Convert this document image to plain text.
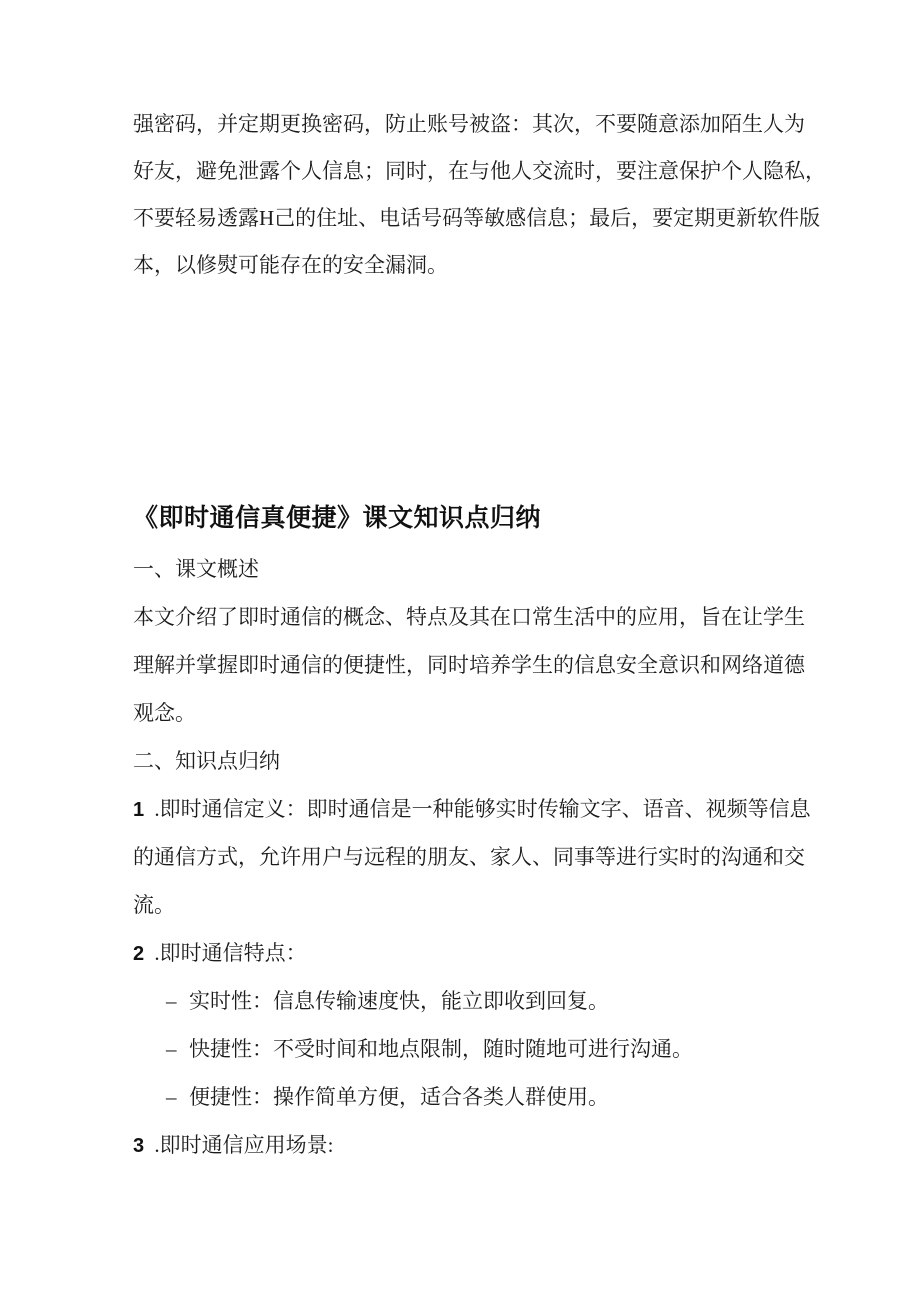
强密码，并定期更换密码，防止账号被盗：其次，不要随意添加陌生人为
好友，避免泄露个人信息；同时，在与他人交流时，要注意保护个人隐私，
不要轻易透露H己的住址、电话号码等敏感信息；最后，要定期更新软件版
本，以修熨可能存在的安全漏洞。
《即时通信真便捷》课文知识点归纳
一、课文概述
本文介绍了即时通信的概念、特点及其在口常生活中的应用，旨在让学生
理解并掌握即时通信的便捷性，同时培养学生的信息安全意识和网络道德
观念。
二、知识点归纳
1 .即时通信定义：即时通信是一种能够实时传输文字、语音、视频等信息
的通信方式，允许用户与远程的朋友、家人、同事等进行实时的沟通和交
流。
2 .即时通信特点：
– 实时性：信息传输速度快，能立即收到回复。
– 快捷性：不受时间和地点限制，随时随地可进行沟通。
– 便捷性：操作简单方便，适合各类人群使用。
3 .即时通信应用场景:
